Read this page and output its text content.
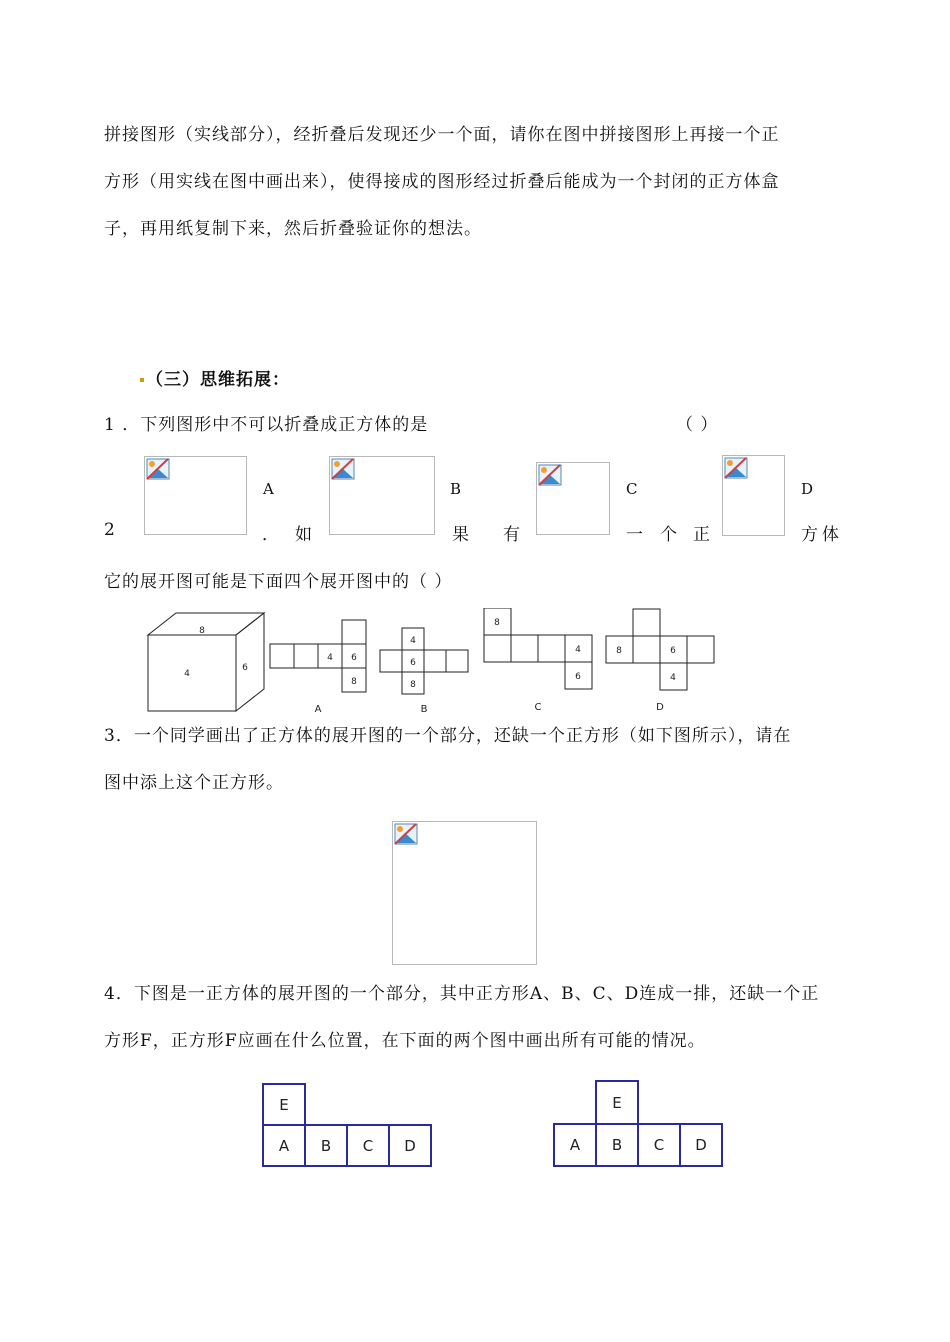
拼接图形（实线部分），经折叠后发现还少一个面，请你在图中拼接图形上再接一个正
方形（用实线在图中画出来），使得接成的图形经过折叠后能成为一个封闭的正方体盒
子，再用纸复制下来，然后折叠验证你的想法。
（三）思维拓展：
1 ．下列图形中不可以折叠成正方体的是	（ ）
A	B	C	D
2	．如	果 有	一 个 正	方体
它的展开图可能是下面四个展开图中的（ ）
8
4
6
4 6
8
A
4
6
8
B
8
4
6
C
8	6
4
D
3．一个同学画出了正方体的展开图的一个部分，还缺一个正方形（如下图所示），请在
图中添上这个正方形。
4．下图是一正方体的展开图的一个部分，其中正方形A、B、C、D连成一排，还缺一个正
方形F，正方形F应画在什么位置，在下面的两个图中画出所有可能的情况。
E
A B C D
E
A B C D
